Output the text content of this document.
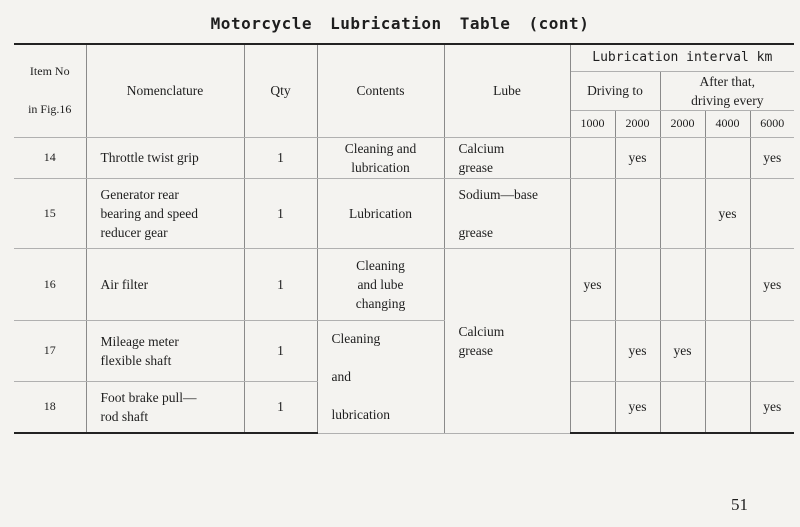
Motorcycle Lubrication Table (cont)
Item No

in Fig.16	Nomenclature	Qty	Contents	Lube	Lubrication interval km				
					Driving to		After that,
driving every		
					1000	2000	2000	4000	6000
14	Throttle twist grip	1	Cleaning and
lubrication	Calcium
grease		yes			yes
15	Generator rear
bearing and speed
reducer gear	1	Lubrication	Sodium—base

grease				yes	
16	Air filter	1	Cleaning
and lube
changing	Calcium
grease	yes				yes
17	Mileage meter
flexible shaft	1	Cleaning

and

lubrication			yes	yes		
18	Foot brake pull—
rod shaft	1				yes			yes
51
